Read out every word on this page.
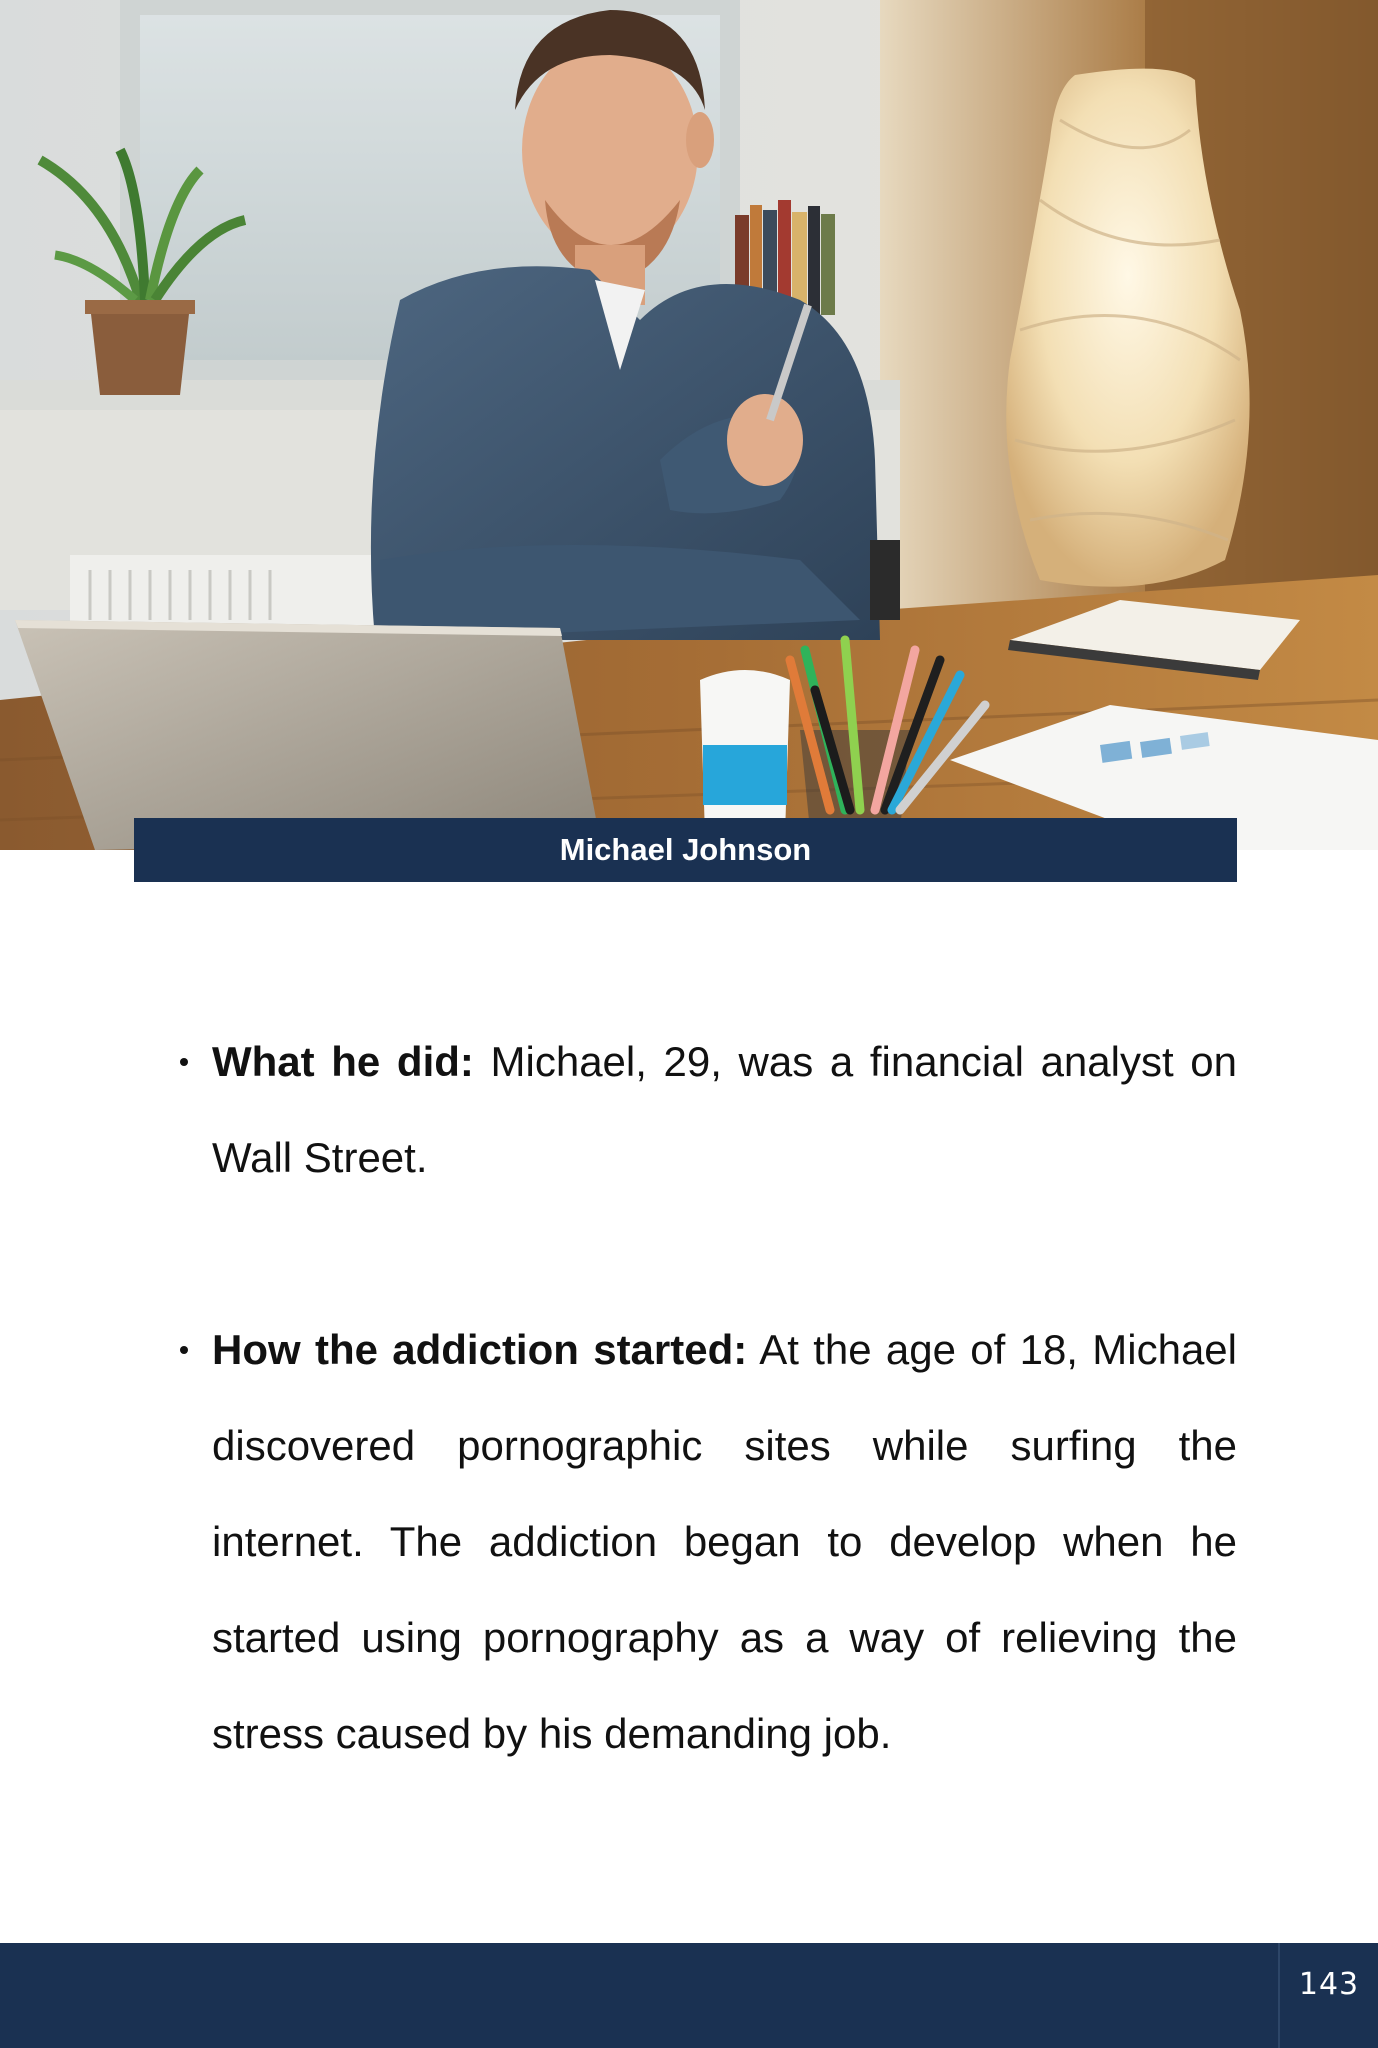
Michael Johnson

What he did: Michael, 29, was a financial analyst on Wall Street.

How the addiction started: At the age of 18, Michael discovered pornographic sites while surfing the internet. The addiction began to develop when he started using pornography as a way of relieving the stress caused by his demanding job.

143
